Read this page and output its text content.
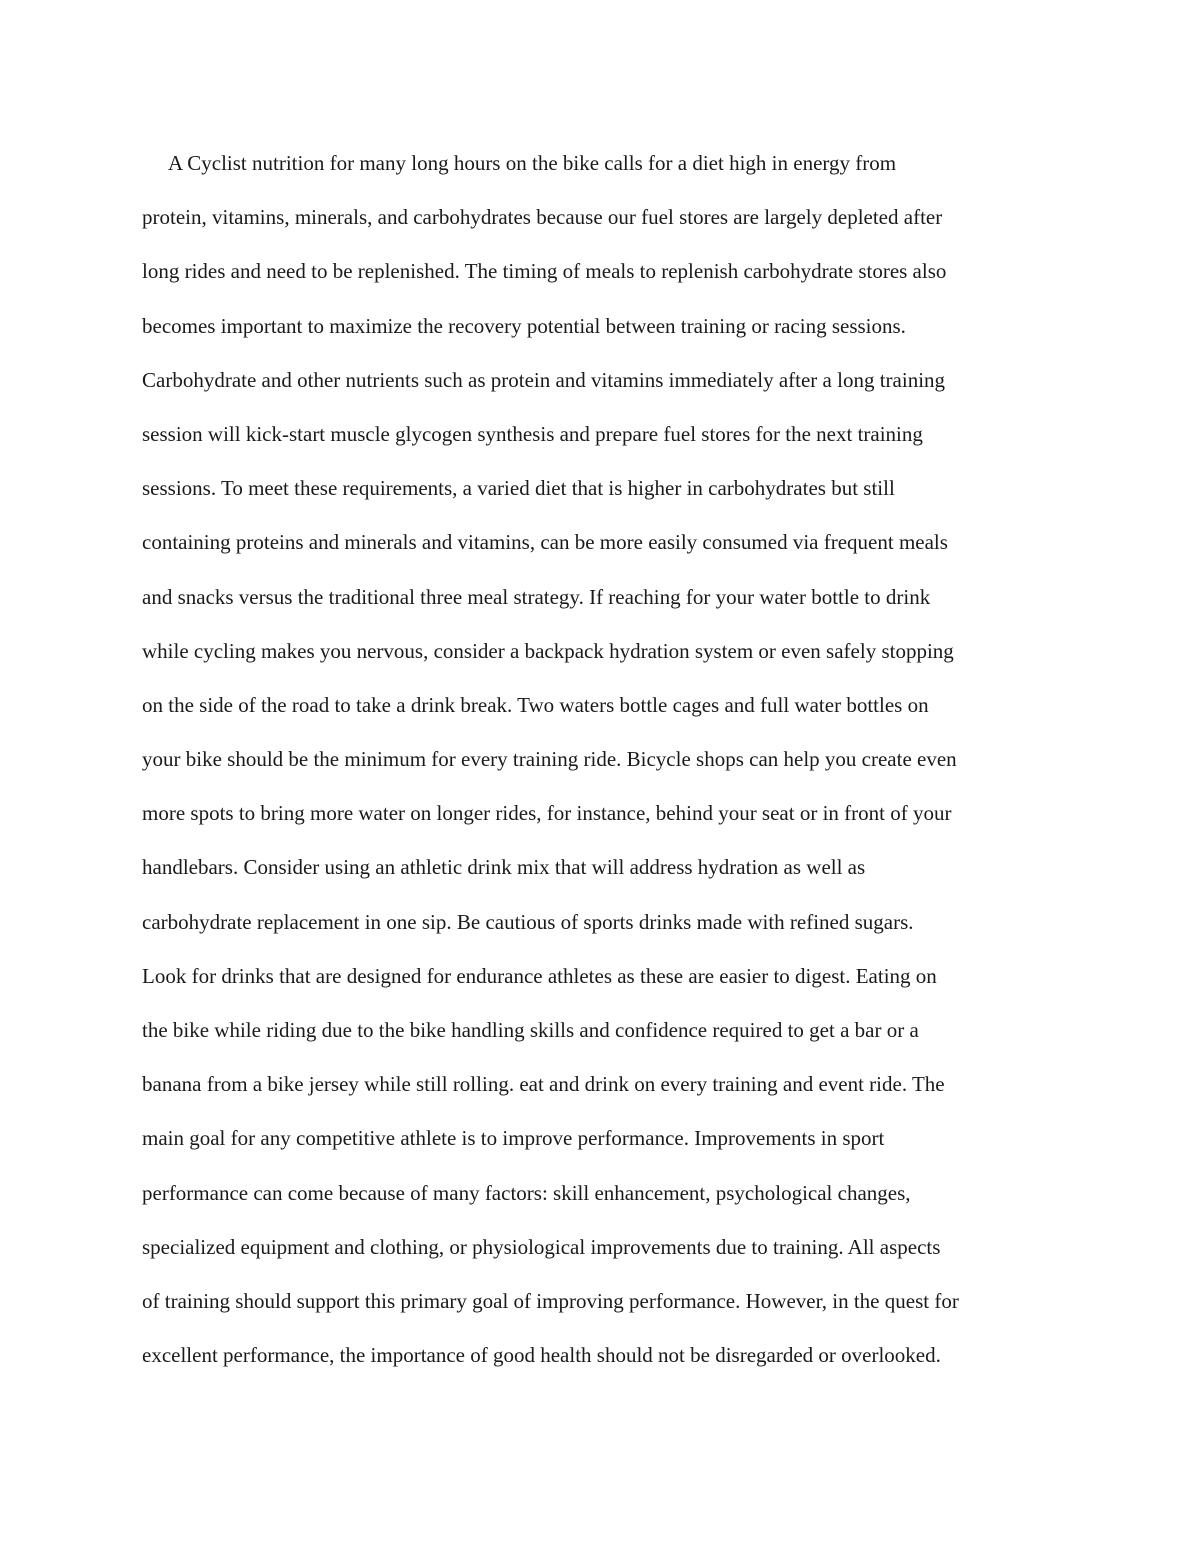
A Cyclist nutrition for many long hours on the bike calls for a diet high in energy from
protein, vitamins, minerals, and carbohydrates because our fuel stores are largely depleted after
long rides and need to be replenished. The timing of meals to replenish carbohydrate stores also
becomes important to maximize the recovery potential between training or racing sessions.
Carbohydrate and other nutrients such as protein and vitamins immediately after a long training
session will kick-start muscle glycogen synthesis and prepare fuel stores for the next training
sessions. To meet these requirements, a varied diet that is higher in carbohydrates but still
containing proteins and minerals and vitamins, can be more easily consumed via frequent meals
and snacks versus the traditional three meal strategy. If reaching for your water bottle to drink
while cycling makes you nervous, consider a backpack hydration system or even safely stopping
on the side of the road to take a drink break. Two waters bottle cages and full water bottles on
your bike should be the minimum for every training ride. Bicycle shops can help you create even
more spots to bring more water on longer rides, for instance, behind your seat or in front of your
handlebars. Consider using an athletic drink mix that will address hydration as well as
carbohydrate replacement in one sip. Be cautious of sports drinks made with refined sugars.
Look for drinks that are designed for endurance athletes as these are easier to digest. Eating on
the bike while riding due to the bike handling skills and confidence required to get a bar or a
banana from a bike jersey while still rolling. eat and drink on every training and event ride. The
main goal for any competitive athlete is to improve performance. Improvements in sport
performance can come because of many factors: skill enhancement, psychological changes,
specialized equipment and clothing, or physiological improvements due to training. All aspects
of training should support this primary goal of improving performance. However, in the quest for
excellent performance, the importance of good health should not be disregarded or overlooked.
